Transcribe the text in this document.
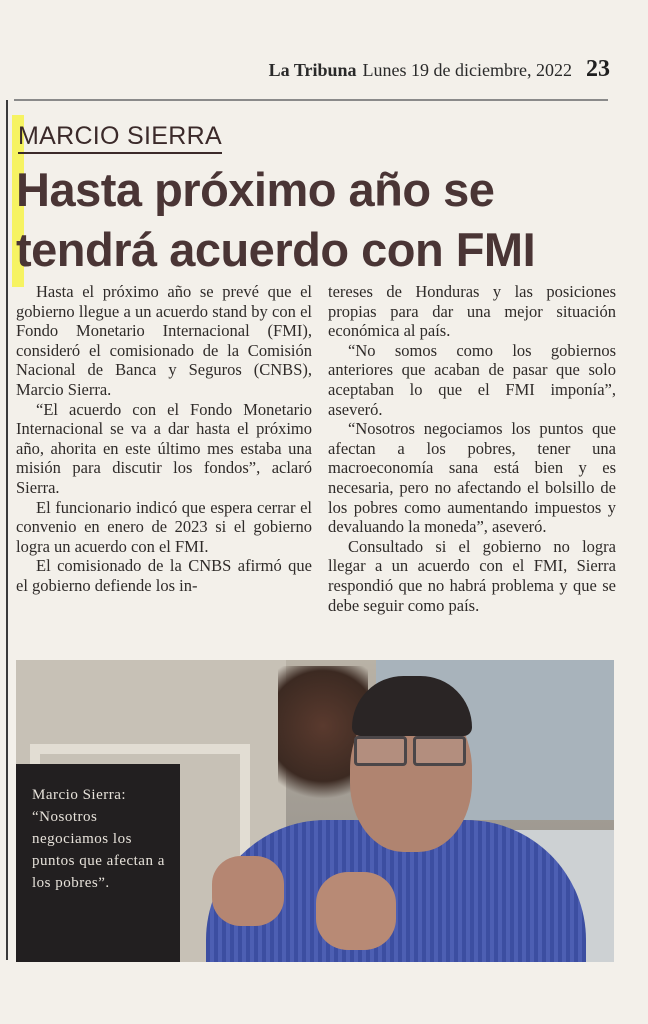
La Tribuna Lunes 19 de diciembre, 2022 23
MARCIO SIERRA
Hasta próximo año se
tendrá acuerdo con FMI

Hasta el próximo año se prevé que el gobierno llegue a un acuerdo stand by con el Fondo Monetario Internacional (FMI), consideró el comisionado de la Comisión Nacional de Banca y Seguros (CNBS), Marcio Sierra.

“El acuerdo con el Fondo Monetario Internacional se va a dar hasta el próximo año, ahorita en este último mes estaba una misión para discutir los fondos”, aclaró Sierra.

El funcionario indicó que espera cerrar el convenio en enero de 2023 si el gobierno logra un acuerdo con el FMI.

El comisionado de la CNBS afirmó que el gobierno defiende los in-

tereses de Honduras y las posiciones propias para dar una mejor situación económica al país.

“No somos como los gobiernos anteriores que acaban de pasar que solo aceptaban lo que el FMI imponía”, aseveró.

“Nosotros negociamos los puntos que afectan a los pobres, tener una macroeconomía sana está bien y es necesaria, pero no afectando el bolsillo de los pobres como aumentando impuestos y devaluando la moneda”, aseveró.

Consultado si el gobierno no logra llegar a un acuerdo con el FMI, Sierra respondió que no habrá problema y que se debe seguir como país.

Marcio Sierra: “Nosotros negociamos los puntos que afectan a los pobres”.
